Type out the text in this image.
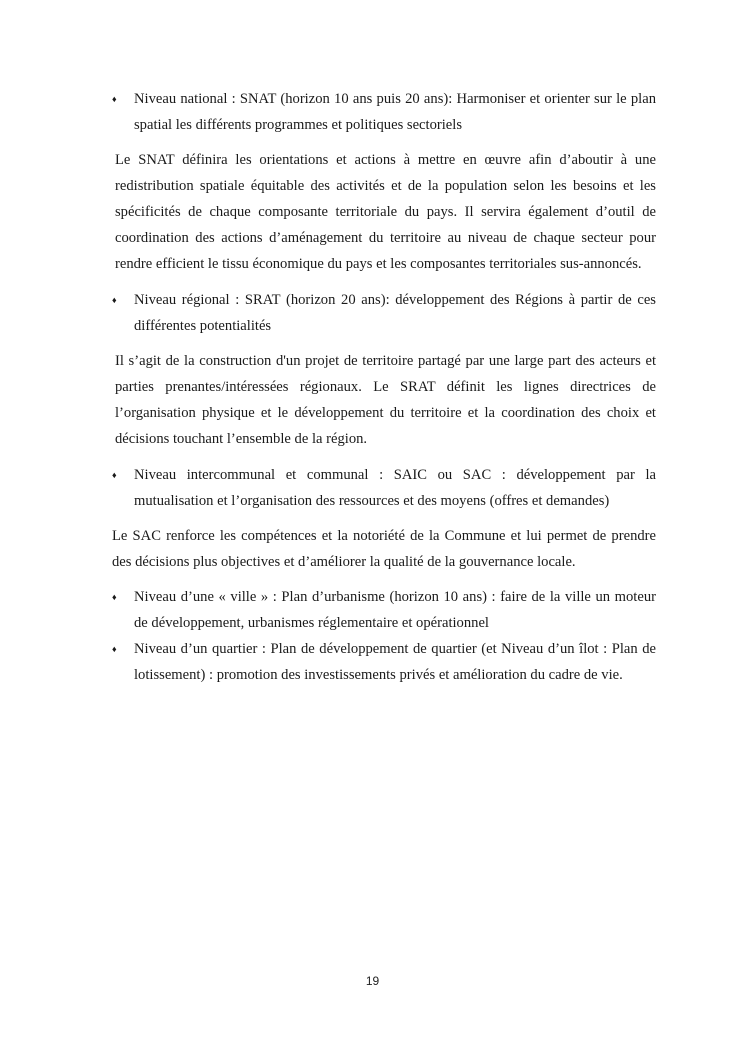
♦ Niveau national : SNAT (horizon 10 ans puis 20 ans): Harmoniser et orienter sur le plan spatial les différents programmes et politiques sectoriels

Le SNAT définira les orientations et actions à mettre en œuvre afin d’aboutir à une redistribution spatiale équitable des activités et de la population selon les besoins et les spécificités de chaque composante territoriale du pays. Il servira également d’outil de coordination des actions d’aménagement du territoire au niveau de chaque secteur pour rendre efficient le tissu économique du pays et les composantes territoriales sus-annoncés.

♦ Niveau régional : SRAT (horizon 20 ans): développement des Régions à partir de ces différentes potentialités

Il s’agit de la construction d'un projet de territoire partagé par une large part des acteurs et parties prenantes/intéressées régionaux. Le SRAT définit les lignes directrices de l’organisation physique et le développement du territoire et la coordination des choix et décisions touchant l’ensemble de la région.

♦ Niveau intercommunal et communal : SAIC ou SAC : développement par la mutualisation et l’organisation des ressources et des moyens (offres et demandes)

Le SAC renforce les compétences et la notoriété de la Commune et lui permet de prendre des décisions plus objectives et d’améliorer la qualité de la gouvernance locale.

♦ Niveau d’une « ville » : Plan d’urbanisme (horizon 10 ans) : faire de la ville un moteur de développement, urbanismes réglementaire et opérationnel

♦ Niveau d’un quartier : Plan de développement de quartier (et Niveau d’un îlot : Plan de lotissement) : promotion des investissements privés et amélioration du cadre de vie.

19
